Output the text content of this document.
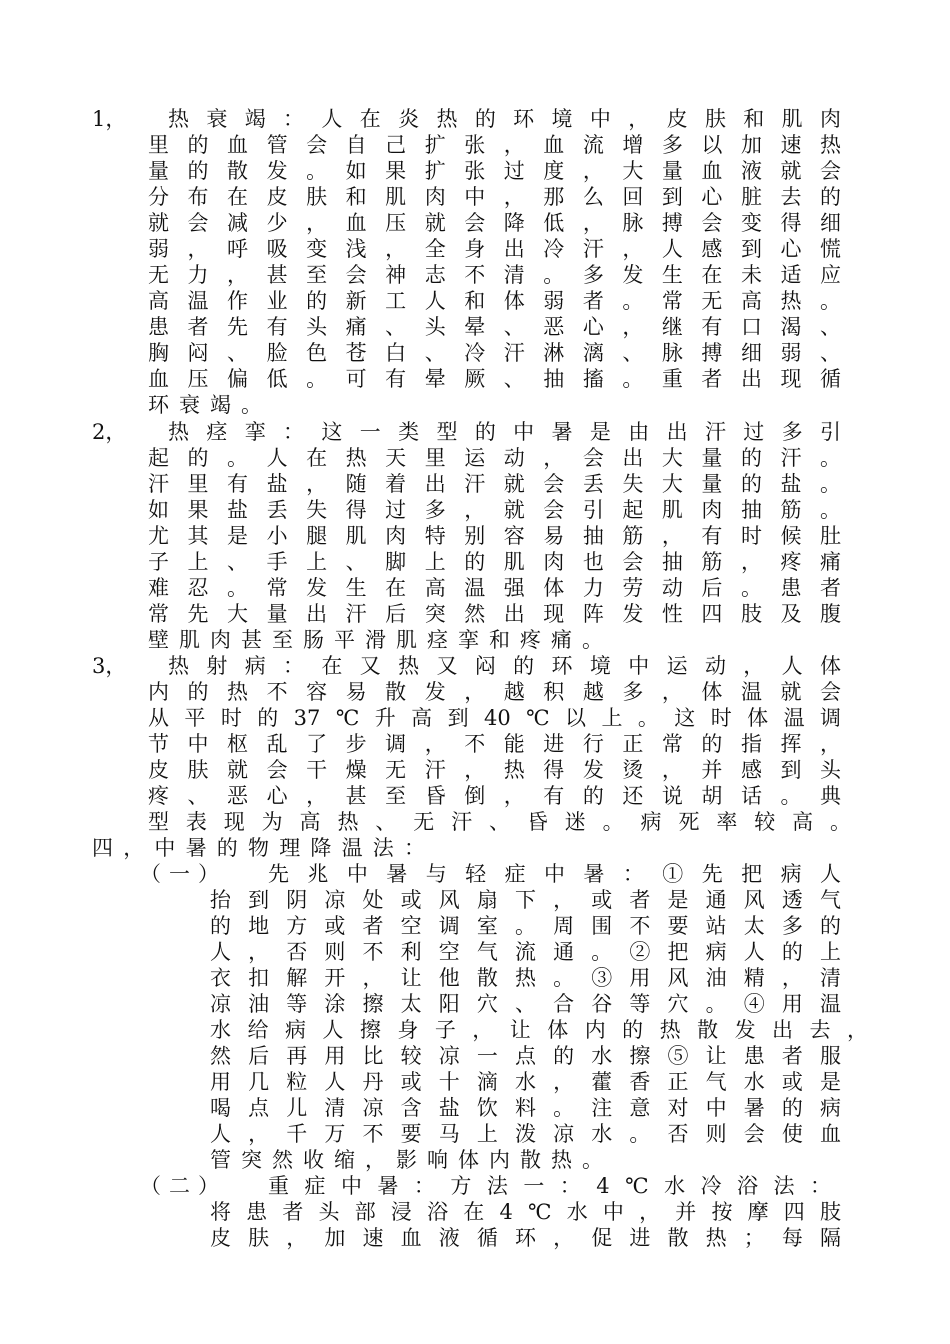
1， 热衰竭：人在炎热的环境中，皮肤和肌肉
里的血管会自己扩张，血流增多以加速热
量的散发。如果扩张过度，大量血液就会
分布在皮肤和肌肉中，那么回到心脏去的
就会减少，血压就会降低，脉搏会变得细
弱，呼吸变浅，全身出冷汗，人感到心慌
无力，甚至会神志不清。多发生在未适应
高温作业的新工人和体弱者。常无高热。
患者先有头痛、头晕、恶心，继有口渴、
胸闷、脸色苍白、冷汗淋漓、脉搏细弱、
血压偏低。可有晕厥、抽搐。重者出现循
环衰竭。
2， 热痉挛：这一类型的中暑是由出汗过多引
起的。人在热天里运动，会出大量的汗。
汗里有盐，随着出汗就会丢失大量的盐。
如果盐丢失得过多，就会引起肌肉抽筋。
尤其是小腿肌肉特别容易抽筋，有时候肚
子上、手上、脚上的肌肉也会抽筋，疼痛
难忍。常发生在高温强体力劳动后。患者
常先大量出汗后突然出现阵发性四肢及腹
壁肌肉甚至肠平滑肌痉挛和疼痛。
3， 热射病：在又热又闷的环境中运动，人体
内的热不容易散发，越积越多，体温就会
从平时的37℃升高到40℃以上。这时体温调
节中枢乱了步调，不能进行正常的指挥，
皮肤就会干燥无汗，热得发烫，并感到头
疼、恶心，甚至昏倒，有的还说胡话。典
型表现为高热、无汗、昏迷。病死率较高。
四，中暑的物理降温法：
（一） 先兆中暑与轻症中暑：①先把病人
抬到阴凉处或风扇下，或者是通风透气
的地方或者空调室。周围不要站太多的
人，否则不利空气流通。②把病人的上
衣扣解开，让他散热。③用风油精，清
凉油等涂擦太阳穴、合谷等穴。④用温
水给病人擦身子，让体内的热散发出去，
然后再用比较凉一点的水擦⑤让患者服
用几粒人丹或十滴水，藿香正气水或是
喝点儿清凉含盐饮料。注意对中暑的病
人，千万不要马上泼凉水。否则会使血
管突然收缩，影响体内散热。
（二） 重症中暑：方法一：4℃水冷浴法：
将患者头部浸浴在4℃水中，并按摩四肢
皮肤，加速血液循环，促进散热；每隔
